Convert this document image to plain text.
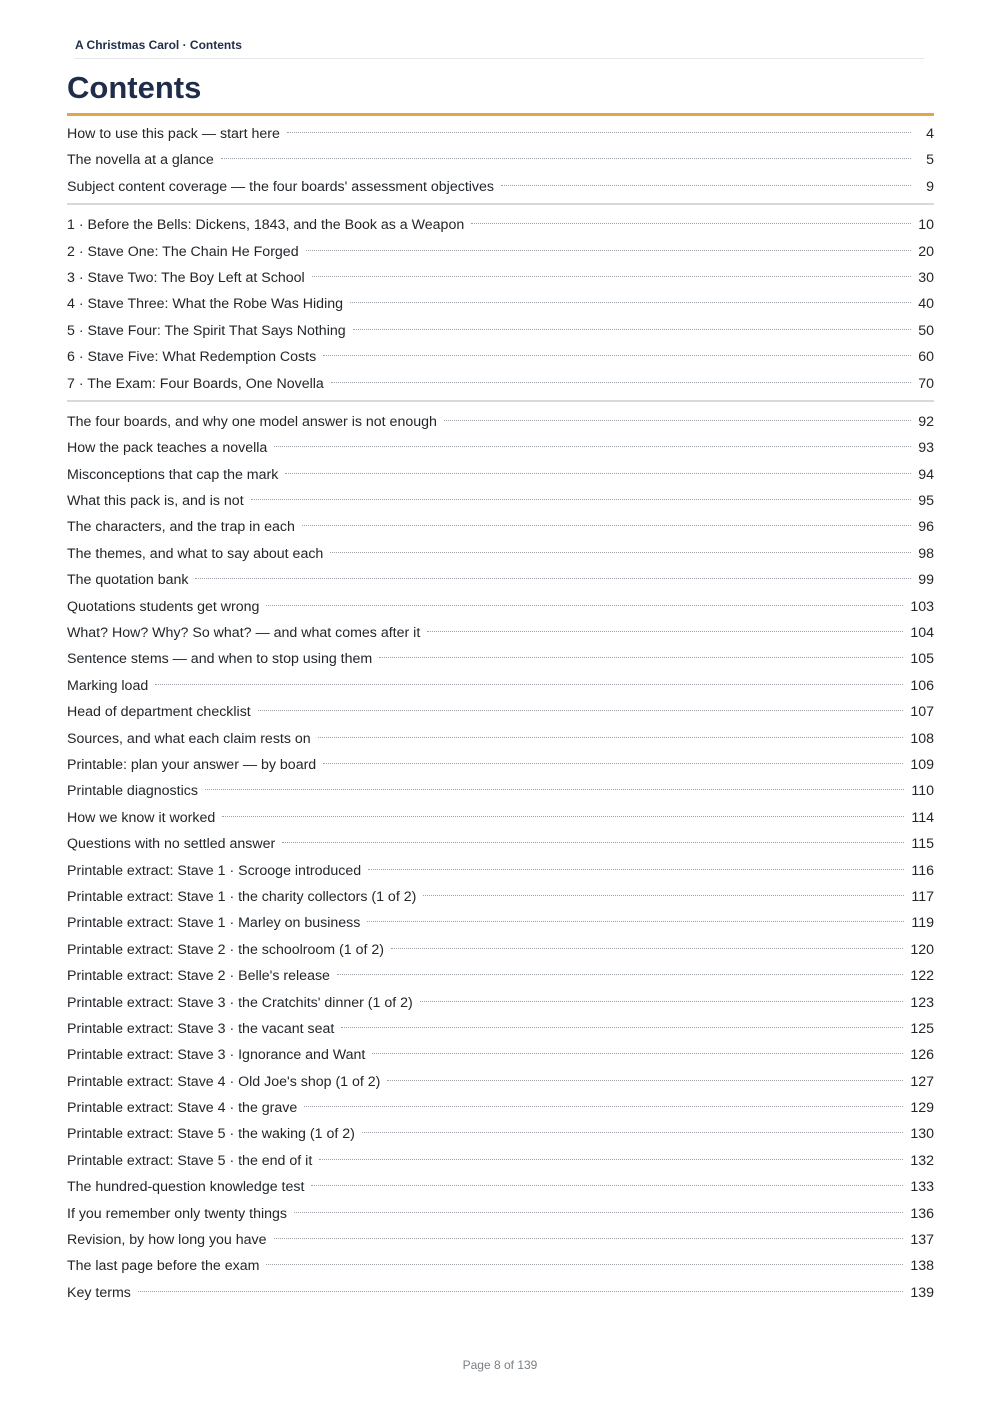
A Christmas Carol · Contents
Contents
How to use this pack — start here	4
The novella at a glance	5
Subject content coverage — the four boards' assessment objectives	9
1 · Before the Bells: Dickens, 1843, and the Book as a Weapon	10
2 · Stave One: The Chain He Forged	20
3 · Stave Two: The Boy Left at School	30
4 · Stave Three: What the Robe Was Hiding	40
5 · Stave Four: The Spirit That Says Nothing	50
6 · Stave Five: What Redemption Costs	60
7 · The Exam: Four Boards, One Novella	70
The four boards, and why one model answer is not enough	92
How the pack teaches a novella	93
Misconceptions that cap the mark	94
What this pack is, and is not	95
The characters, and the trap in each	96
The themes, and what to say about each	98
The quotation bank	99
Quotations students get wrong	103
What? How? Why? So what? — and what comes after it	104
Sentence stems — and when to stop using them	105
Marking load	106
Head of department checklist	107
Sources, and what each claim rests on	108
Printable: plan your answer — by board	109
Printable diagnostics	110
How we know it worked	114
Questions with no settled answer	115
Printable extract: Stave 1 · Scrooge introduced	116
Printable extract: Stave 1 · the charity collectors (1 of 2)	117
Printable extract: Stave 1 · Marley on business	119
Printable extract: Stave 2 · the schoolroom (1 of 2)	120
Printable extract: Stave 2 · Belle's release	122
Printable extract: Stave 3 · the Cratchits' dinner (1 of 2)	123
Printable extract: Stave 3 · the vacant seat	125
Printable extract: Stave 3 · Ignorance and Want	126
Printable extract: Stave 4 · Old Joe's shop (1 of 2)	127
Printable extract: Stave 4 · the grave	129
Printable extract: Stave 5 · the waking (1 of 2)	130
Printable extract: Stave 5 · the end of it	132
The hundred-question knowledge test	133
If you remember only twenty things	136
Revision, by how long you have	137
The last page before the exam	138
Key terms	139
Page 8 of 139
